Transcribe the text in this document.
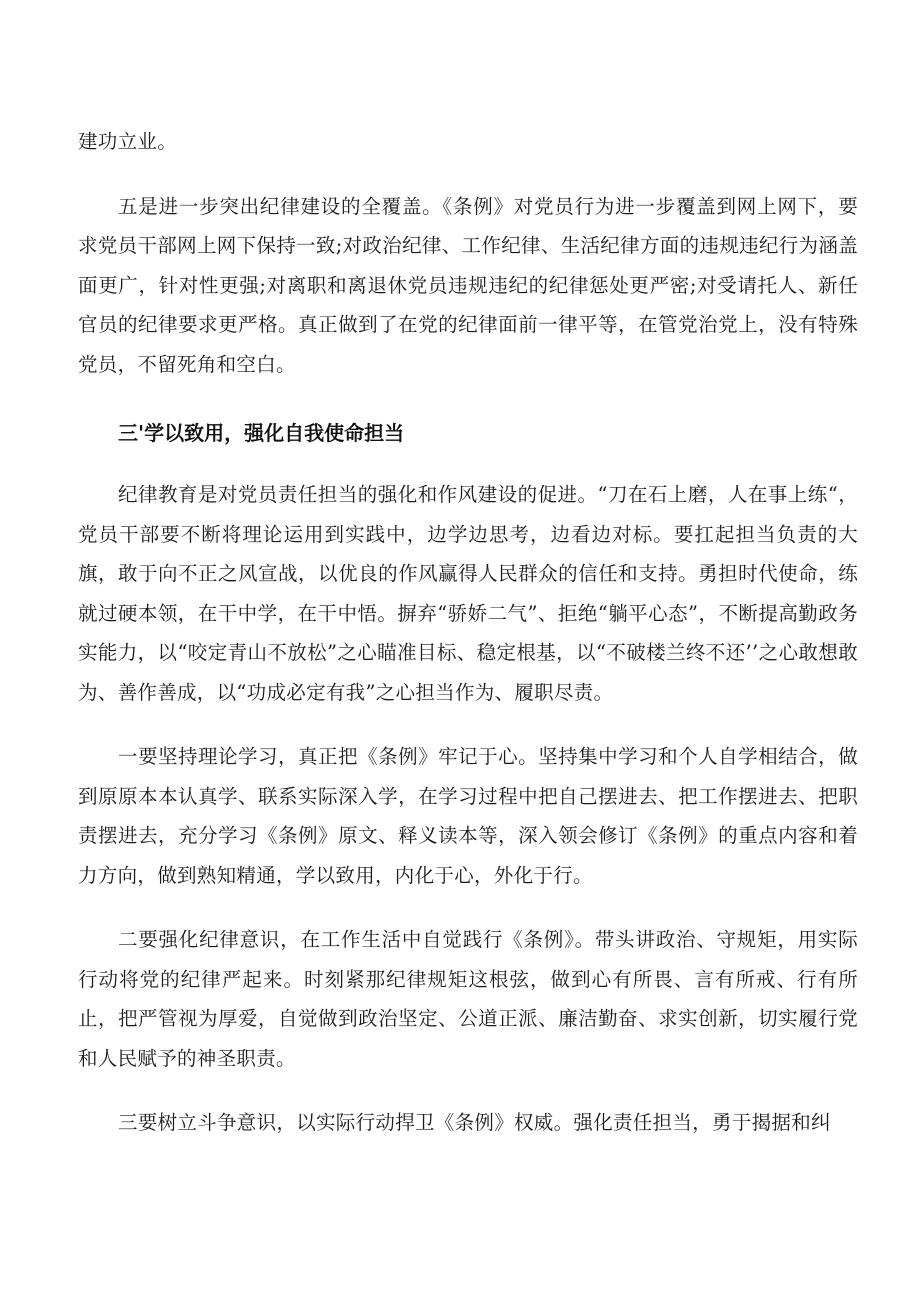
建功立业。

五是进一步突出纪律建设的全覆盖。《条例》对党员行为进一步覆盖到网上网下，要求党员干部网上网下保持一致;对政治纪律、工作纪律、生活纪律方面的违规违纪行为涵盖面更广，针对性更强;对离职和离退休党员违规违纪的纪律惩处更严密;对受请托人、新任官员的纪律要求更严格。真正做到了在党的纪律面前一律平等，在管党治党上，没有特殊党员，不留死角和空白。

三'学以致用，强化自我使命担当

纪律教育是对党员责任担当的强化和作风建设的促进。“刀在石上磨，人在事上练“，党员干部要不断将理论运用到实践中，边学边思考，边看边对标。要扛起担当负责的大旗，敢于向不正之风宣战，以优良的作风赢得人民群众的信任和支持。勇担时代使命，练就过硬本领，在干中学，在干中悟。摒弃“骄娇二气”、拒绝“躺平心态”，不断提高勤政务实能力，以“咬定青山不放松”之心瞄准目标、稳定根基，以“不破楼兰终不还’’之心敢想敢为、善作善成，以“功成必定有我”之心担当作为、履职尽责。

一要坚持理论学习，真正把《条例》牢记于心。坚持集中学习和个人自学相结合，做到原原本本认真学、联系实际深入学，在学习过程中把自己摆进去、把工作摆进去、把职责摆进去，充分学习《条例》原文、释义读本等，深入领会修订《条例》的重点内容和着力方向，做到熟知精通，学以致用，内化于心，外化于行。

二要强化纪律意识，在工作生活中自觉践行《条例》。带头讲政治、守规矩，用实际行动将党的纪律严起来。时刻紧那纪律规矩这根弦，做到心有所畏、言有所戒、行有所止，把严管视为厚爱，自觉做到政治坚定、公道正派、廉洁勤奋、求实创新，切实履行党和人民赋予的神圣职责。

三要树立斗争意识，以实际行动捍卫《条例》权威。强化责任担当，勇于揭据和纠
